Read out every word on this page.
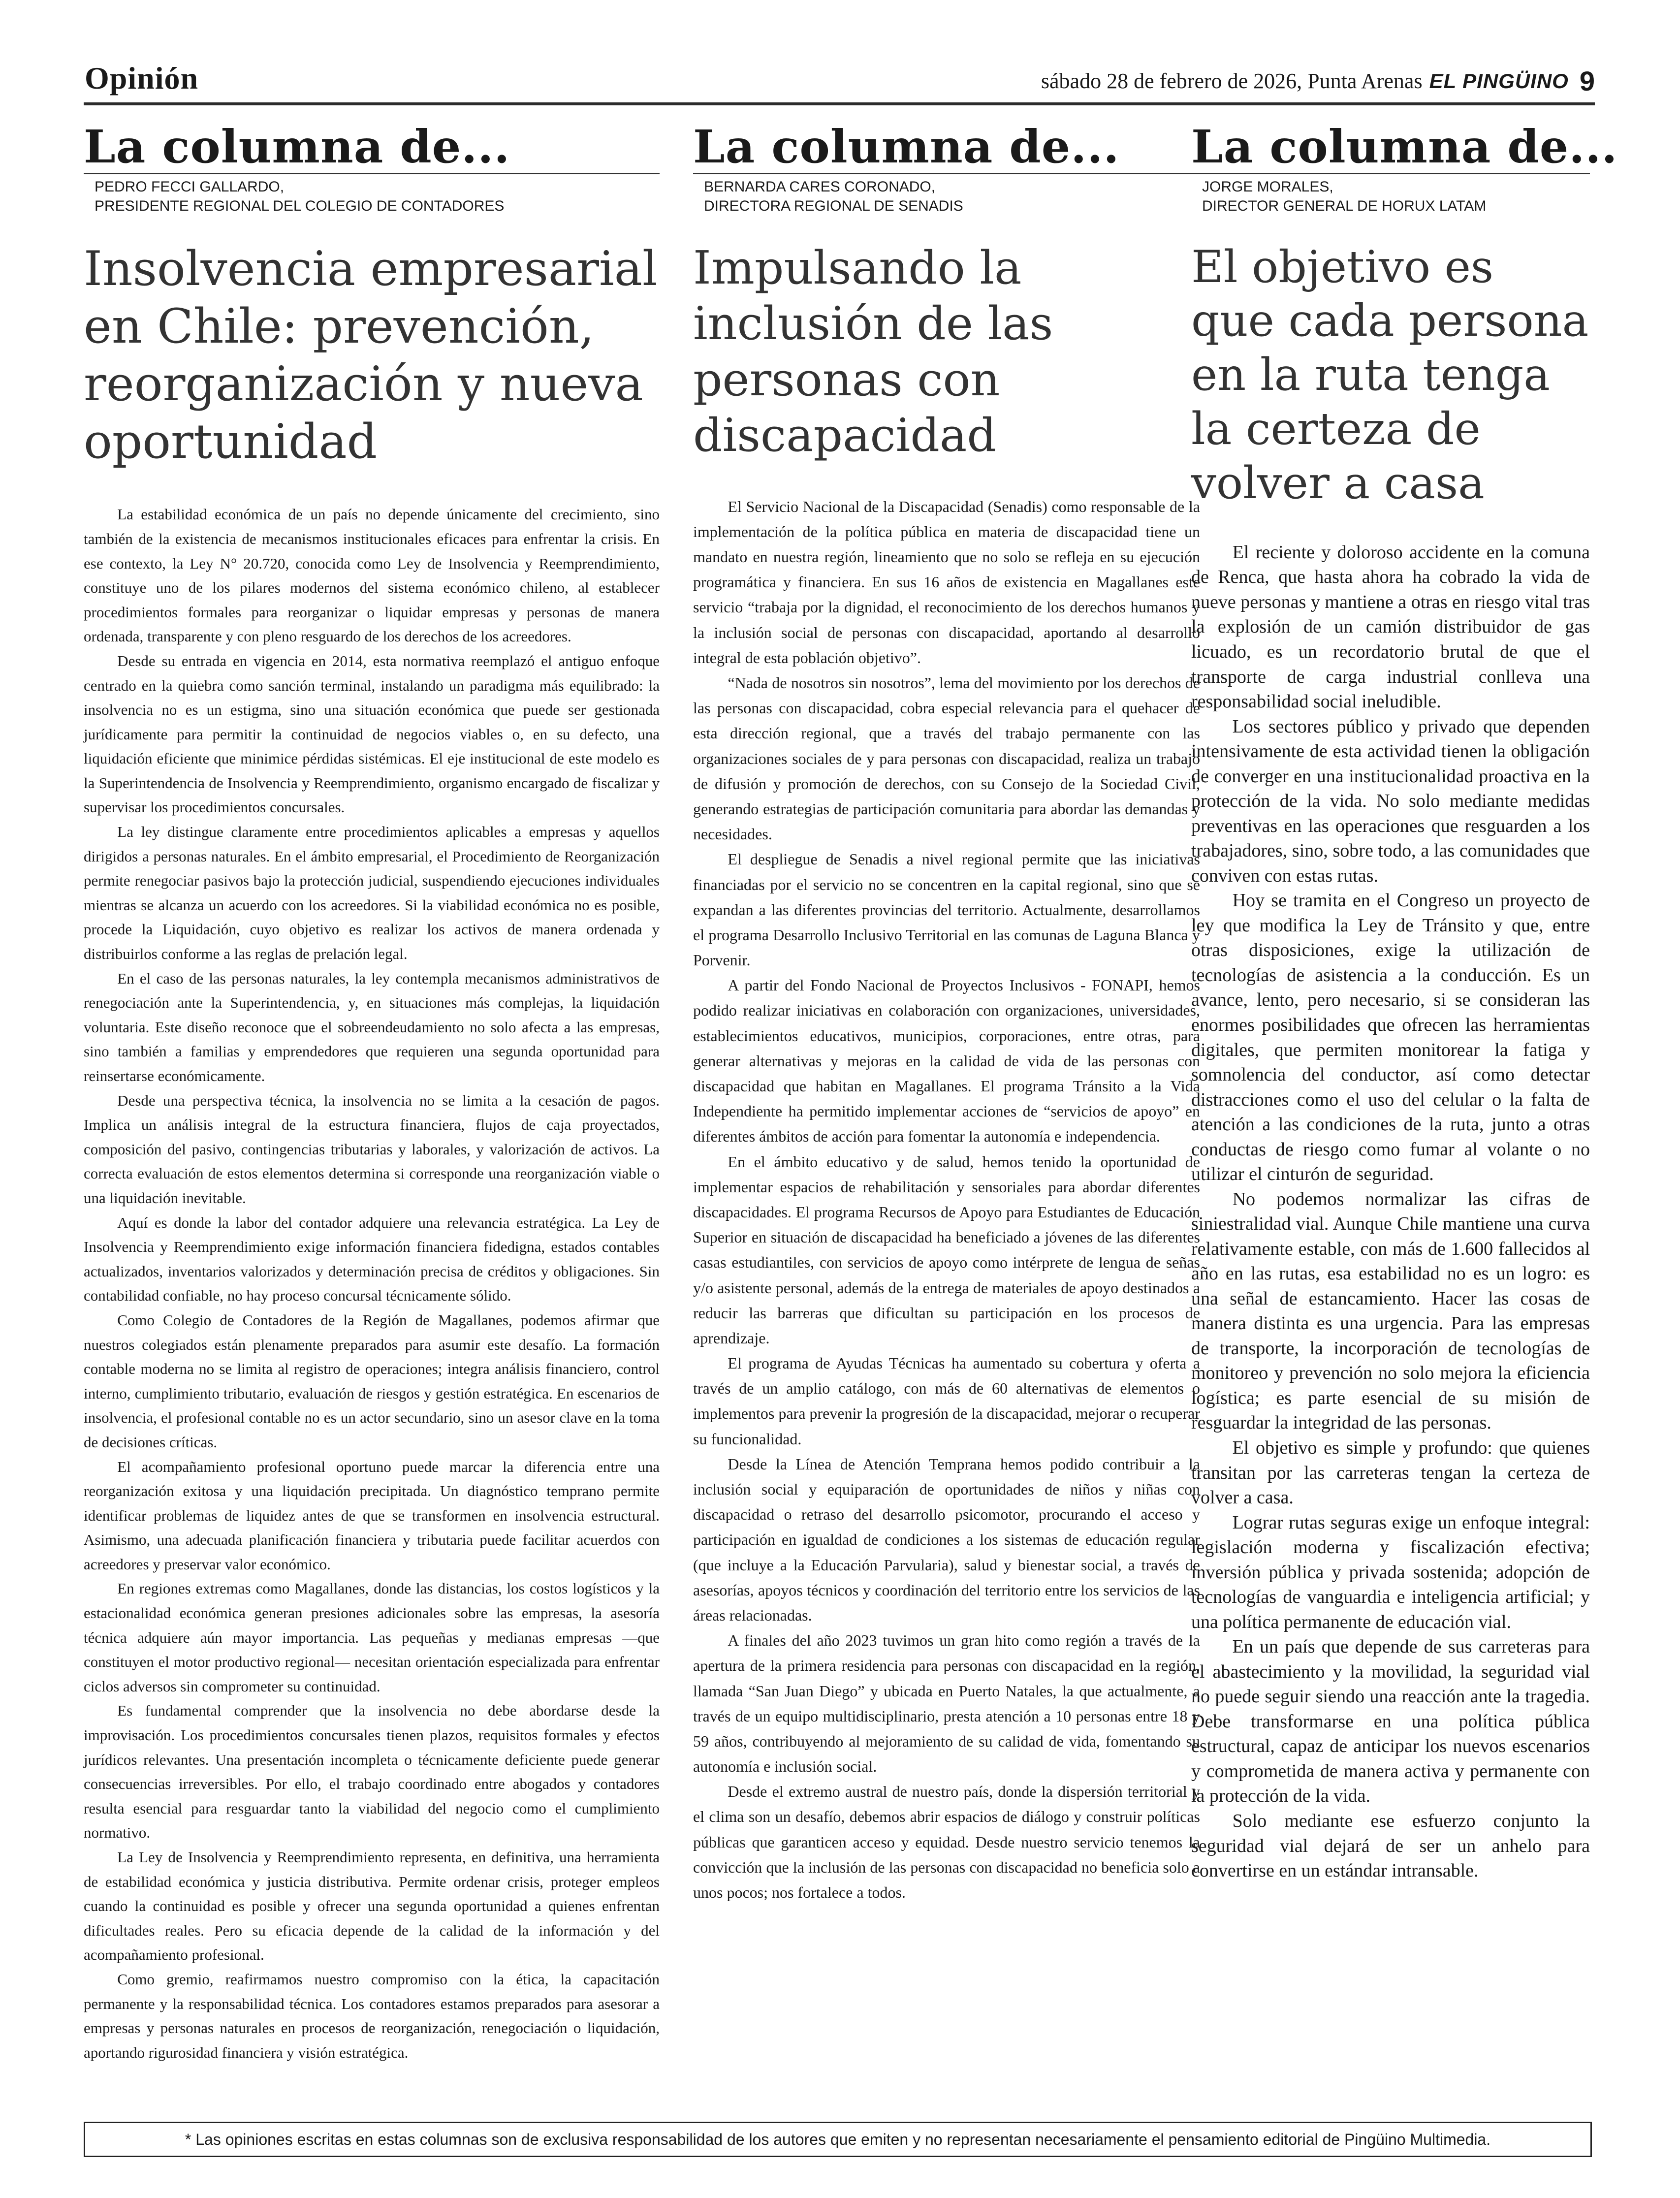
Opinión	sábado 28 de febrero de 2026, Punta Arenas EL PINGÜINO 9
La columna de...
PEDRO FECCI GALLARDO,
PRESIDENTE REGIONAL DEL COLEGIO DE CONTADORES
Insolvencia empresarial en Chile: prevención, reorganización y nueva oportunidad

La estabilidad económica de un país no depende únicamente del crecimiento, sino también de la existencia de mecanismos institucionales eficaces para enfrentar la crisis. En ese contexto, la Ley N° 20.720, conocida como Ley de Insolvencia y Reemprendimiento, constituye uno de los pilares modernos del sistema económico chileno, al establecer procedimientos formales para reorganizar o liquidar empresas y personas de manera ordenada, transparente y con pleno resguardo de los derechos de los acreedores.

Desde su entrada en vigencia en 2014, esta normativa reemplazó el antiguo enfoque centrado en la quiebra como sanción terminal, instalando un paradigma más equilibrado: la insolvencia no es un estigma, sino una situación económica que puede ser gestionada jurídicamente para permitir la continuidad de negocios viables o, en su defecto, una liquidación eficiente que minimice pérdidas sistémicas. El eje institucional de este modelo es la Superintendencia de Insolvencia y Reemprendimiento, organismo encargado de fiscalizar y supervisar los procedimientos concursales.

La ley distingue claramente entre procedimientos aplicables a empresas y aquellos dirigidos a personas naturales. En el ámbito empresarial, el Procedimiento de Reorganización permite renegociar pasivos bajo la protección judicial, suspendiendo ejecuciones individuales mientras se alcanza un acuerdo con los acreedores. Si la viabilidad económica no es posible, procede la Liquidación, cuyo objetivo es realizar los activos de manera ordenada y distribuirlos conforme a las reglas de prelación legal.

En el caso de las personas naturales, la ley contempla mecanismos administrativos de renegociación ante la Superintendencia, y, en situaciones más complejas, la liquidación voluntaria. Este diseño reconoce que el sobreendeudamiento no solo afecta a las empresas, sino también a familias y emprendedores que requieren una segunda oportunidad para reinsertarse económicamente.

Desde una perspectiva técnica, la insolvencia no se limita a la cesación de pagos. Implica un análisis integral de la estructura financiera, flujos de caja proyectados, composición del pasivo, contingencias tributarias y laborales, y valorización de activos. La correcta evaluación de estos elementos determina si corresponde una reorganización viable o una liquidación inevitable.

Aquí es donde la labor del contador adquiere una relevancia estratégica. La Ley de Insolvencia y Reemprendimiento exige información financiera fidedigna, estados contables actualizados, inventarios valorizados y determinación precisa de créditos y obligaciones. Sin contabilidad confiable, no hay proceso concursal técnicamente sólido.

Como Colegio de Contadores de la Región de Magallanes, podemos afirmar que nuestros colegiados están plenamente preparados para asumir este desafío. La formación contable moderna no se limita al registro de operaciones; integra análisis financiero, control interno, cumplimiento tributario, evaluación de riesgos y gestión estratégica. En escenarios de insolvencia, el profesional contable no es un actor secundario, sino un asesor clave en la toma de decisiones críticas.

El acompañamiento profesional oportuno puede marcar la diferencia entre una reorganización exitosa y una liquidación precipitada. Un diagnóstico temprano permite identificar problemas de liquidez antes de que se transformen en insolvencia estructural. Asimismo, una adecuada planificación financiera y tributaria puede facilitar acuerdos con acreedores y preservar valor económico.

En regiones extremas como Magallanes, donde las distancias, los costos logísticos y la estacionalidad económica generan presiones adicionales sobre las empresas, la asesoría técnica adquiere aún mayor importancia. Las pequeñas y medianas empresas —que constituyen el motor productivo regional— necesitan orientación especializada para enfrentar ciclos adversos sin comprometer su continuidad.

Es fundamental comprender que la insolvencia no debe abordarse desde la improvisación. Los procedimientos concursales tienen plazos, requisitos formales y efectos jurídicos relevantes. Una presentación incompleta o técnicamente deficiente puede generar consecuencias irreversibles. Por ello, el trabajo coordinado entre abogados y contadores resulta esencial para resguardar tanto la viabilidad del negocio como el cumplimiento normativo.

La Ley de Insolvencia y Reemprendimiento representa, en definitiva, una herramienta de estabilidad económica y justicia distributiva. Permite ordenar crisis, proteger empleos cuando la continuidad es posible y ofrecer una segunda oportunidad a quienes enfrentan dificultades reales. Pero su eficacia depende de la calidad de la información y del acompañamiento profesional.

Como gremio, reafirmamos nuestro compromiso con la ética, la capacitación permanente y la responsabilidad técnica. Los contadores estamos preparados para asesorar a empresas y personas naturales en procesos de reorganización, renegociación o liquidación, aportando rigurosidad financiera y visión estratégica.

La columna de...
BERNARDA CARES CORONADO,
DIRECTORA REGIONAL DE SENADIS
Impulsando la inclusión de las personas con discapacidad

El Servicio Nacional de la Discapacidad (Senadis) como responsable de la implementación de la política pública en materia de discapacidad tiene un mandato en nuestra región, lineamiento que no solo se refleja en su ejecución programática y financiera. En sus 16 años de existencia en Magallanes este servicio “trabaja por la dignidad, el reconocimiento de los derechos humanos y la inclusión social de personas con discapacidad, aportando al desarrollo integral de esta población objetivo”.

“Nada de nosotros sin nosotros”, lema del movimiento por los derechos de las personas con discapacidad, cobra especial relevancia para el quehacer de esta dirección regional, que a través del trabajo permanente con las organizaciones sociales de y para personas con discapacidad, realiza un trabajo de difusión y promoción de derechos, con su Consejo de la Sociedad Civil, generando estrategias de participación comunitaria para abordar las demandas y necesidades.

El despliegue de Senadis a nivel regional permite que las iniciativas financiadas por el servicio no se concentren en la capital regional, sino que se expandan a las diferentes provincias del territorio. Actualmente, desarrollamos el programa Desarrollo Inclusivo Territorial en las comunas de Laguna Blanca y Porvenir.

A partir del Fondo Nacional de Proyectos Inclusivos - FONAPI, hemos podido realizar iniciativas en colaboración con organizaciones, universidades, establecimientos educativos, municipios, corporaciones, entre otras, para generar alternativas y mejoras en la calidad de vida de las personas con discapacidad que habitan en Magallanes. El programa Tránsito a la Vida Independiente ha permitido implementar acciones de “servicios de apoyo” en diferentes ámbitos de acción para fomentar la autonomía e independencia.

En el ámbito educativo y de salud, hemos tenido la oportunidad de implementar espacios de rehabilitación y sensoriales para abordar diferentes discapacidades. El programa Recursos de Apoyo para Estudiantes de Educación Superior en situación de discapacidad ha beneficiado a jóvenes de las diferentes casas estudiantiles, con servicios de apoyo como intérprete de lengua de señas y/o asistente personal, además de la entrega de materiales de apoyo destinados a reducir las barreras que dificultan su participación en los procesos de aprendizaje.

El programa de Ayudas Técnicas ha aumentado su cobertura y oferta a través de un amplio catálogo, con más de 60 alternativas de elementos o implementos para prevenir la progresión de la discapacidad, mejorar o recuperar su funcionalidad.

Desde la Línea de Atención Temprana hemos podido contribuir a la inclusión social y equiparación de oportunidades de niños y niñas con discapacidad o retraso del desarrollo psicomotor, procurando el acceso y participación en igualdad de condiciones a los sistemas de educación regular (que incluye a la Educación Parvularia), salud y bienestar social, a través de asesorías, apoyos técnicos y coordinación del territorio entre los servicios de las áreas relacionadas.

A finales del año 2023 tuvimos un gran hito como región a través de la apertura de la primera residencia para personas con discapacidad en la región, llamada “San Juan Diego” y ubicada en Puerto Natales, la que actualmente, a través de un equipo multidisciplinario, presta atención a 10 personas entre 18 y 59 años, contribuyendo al mejoramiento de su calidad de vida, fomentando su autonomía e inclusión social.

Desde el extremo austral de nuestro país, donde la dispersión territorial y el clima son un desafío, debemos abrir espacios de diálogo y construir políticas públicas que garanticen acceso y equidad. Desde nuestro servicio tenemos la convicción que la inclusión de las personas con discapacidad no beneficia solo a unos pocos; nos fortalece a todos.

La columna de...
JORGE MORALES,
DIRECTOR GENERAL DE HORUX LATAM
El objetivo es que cada persona en la ruta tenga la certeza de volver a casa

El reciente y doloroso accidente en la comuna de Renca, que hasta ahora ha cobrado la vida de nueve personas y mantiene a otras en riesgo vital tras la explosión de un camión distribuidor de gas licuado, es un recordatorio brutal de que el transporte de carga industrial conlleva una responsabilidad social ineludible.

Los sectores público y privado que dependen intensivamente de esta actividad tienen la obligación de converger en una institucionalidad proactiva en la protección de la vida. No solo mediante medidas preventivas en las operaciones que resguarden a los trabajadores, sino, sobre todo, a las comunidades que conviven con estas rutas.

Hoy se tramita en el Congreso un proyecto de ley que modifica la Ley de Tránsito y que, entre otras disposiciones, exige la utilización de tecnologías de asistencia a la conducción. Es un avance, lento, pero necesario, si se consideran las enormes posibilidades que ofrecen las herramientas digitales, que permiten monitorear la fatiga y somnolencia del conductor, así como detectar distracciones como el uso del celular o la falta de atención a las condiciones de la ruta, junto a otras conductas de riesgo como fumar al volante o no utilizar el cinturón de seguridad.

No podemos normalizar las cifras de siniestralidad vial. Aunque Chile mantiene una curva relativamente estable, con más de 1.600 fallecidos al año en las rutas, esa estabilidad no es un logro: es una señal de estancamiento. Hacer las cosas de manera distinta es una urgencia. Para las empresas de transporte, la incorporación de tecnologías de monitoreo y prevención no solo mejora la eficiencia logística; es parte esencial de su misión de resguardar la integridad de las personas.

El objetivo es simple y profundo: que quienes transitan por las carreteras tengan la certeza de volver a casa.

Lograr rutas seguras exige un enfoque integral: legislación moderna y fiscalización efectiva; inversión pública y privada sostenida; adopción de tecnologías de vanguardia e inteligencia artificial; y una política permanente de educación vial.

En un país que depende de sus carreteras para el abastecimiento y la movilidad, la seguridad vial no puede seguir siendo una reacción ante la tragedia. Debe transformarse en una política pública estructural, capaz de anticipar los nuevos escenarios y comprometida de manera activa y permanente con la protección de la vida.

Solo mediante ese esfuerzo conjunto la seguridad vial dejará de ser un anhelo para convertirse en un estándar intransable.

* Las opiniones escritas en estas columnas son de exclusiva responsabilidad de los autores que emiten y no representan necesariamente el pensamiento editorial de Pingüino Multimedia.
